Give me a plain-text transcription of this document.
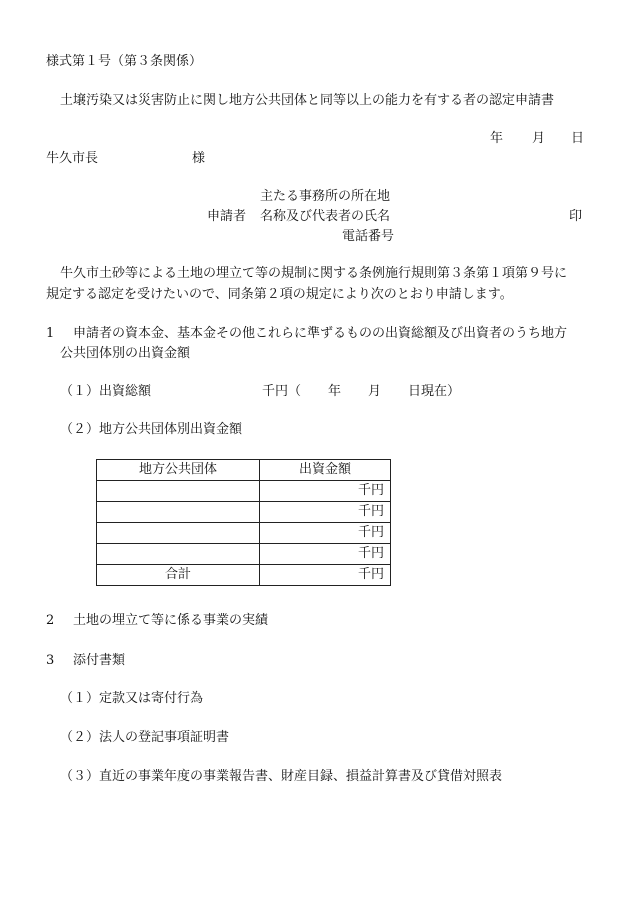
様式第１号（第３条関係）
土壌汚染又は災害防止に関し地方公共団体と同等以上の能力を有する者の認定申請書
年 月 日
牛久市長	様
主たる事務所の所在地
申請者 名称及び代表者の氏名	印
電話番号
牛久市土砂等による土地の埋立て等の規制に関する条例施行規則第３条第１項第９号に
規定する認定を受けたいので、同条第２項の規定により次のとおり申請します。
1 申請者の資本金、基本金その他これらに準ずるものの出資総額及び出資者のうち地方
公共団体別の出資金額
（１）出資総額	千円（ 年 月 日現在）
（２）地方公共団体別出資金額
地方公共団体	出資金額
	千円
	千円
	千円
	千円
合計	千円
2 土地の埋立て等に係る事業の実績
3 添付書類
（１）定款又は寄付行為
（２）法人の登記事項証明書
（３）直近の事業年度の事業報告書、財産目録、損益計算書及び貸借対照表
